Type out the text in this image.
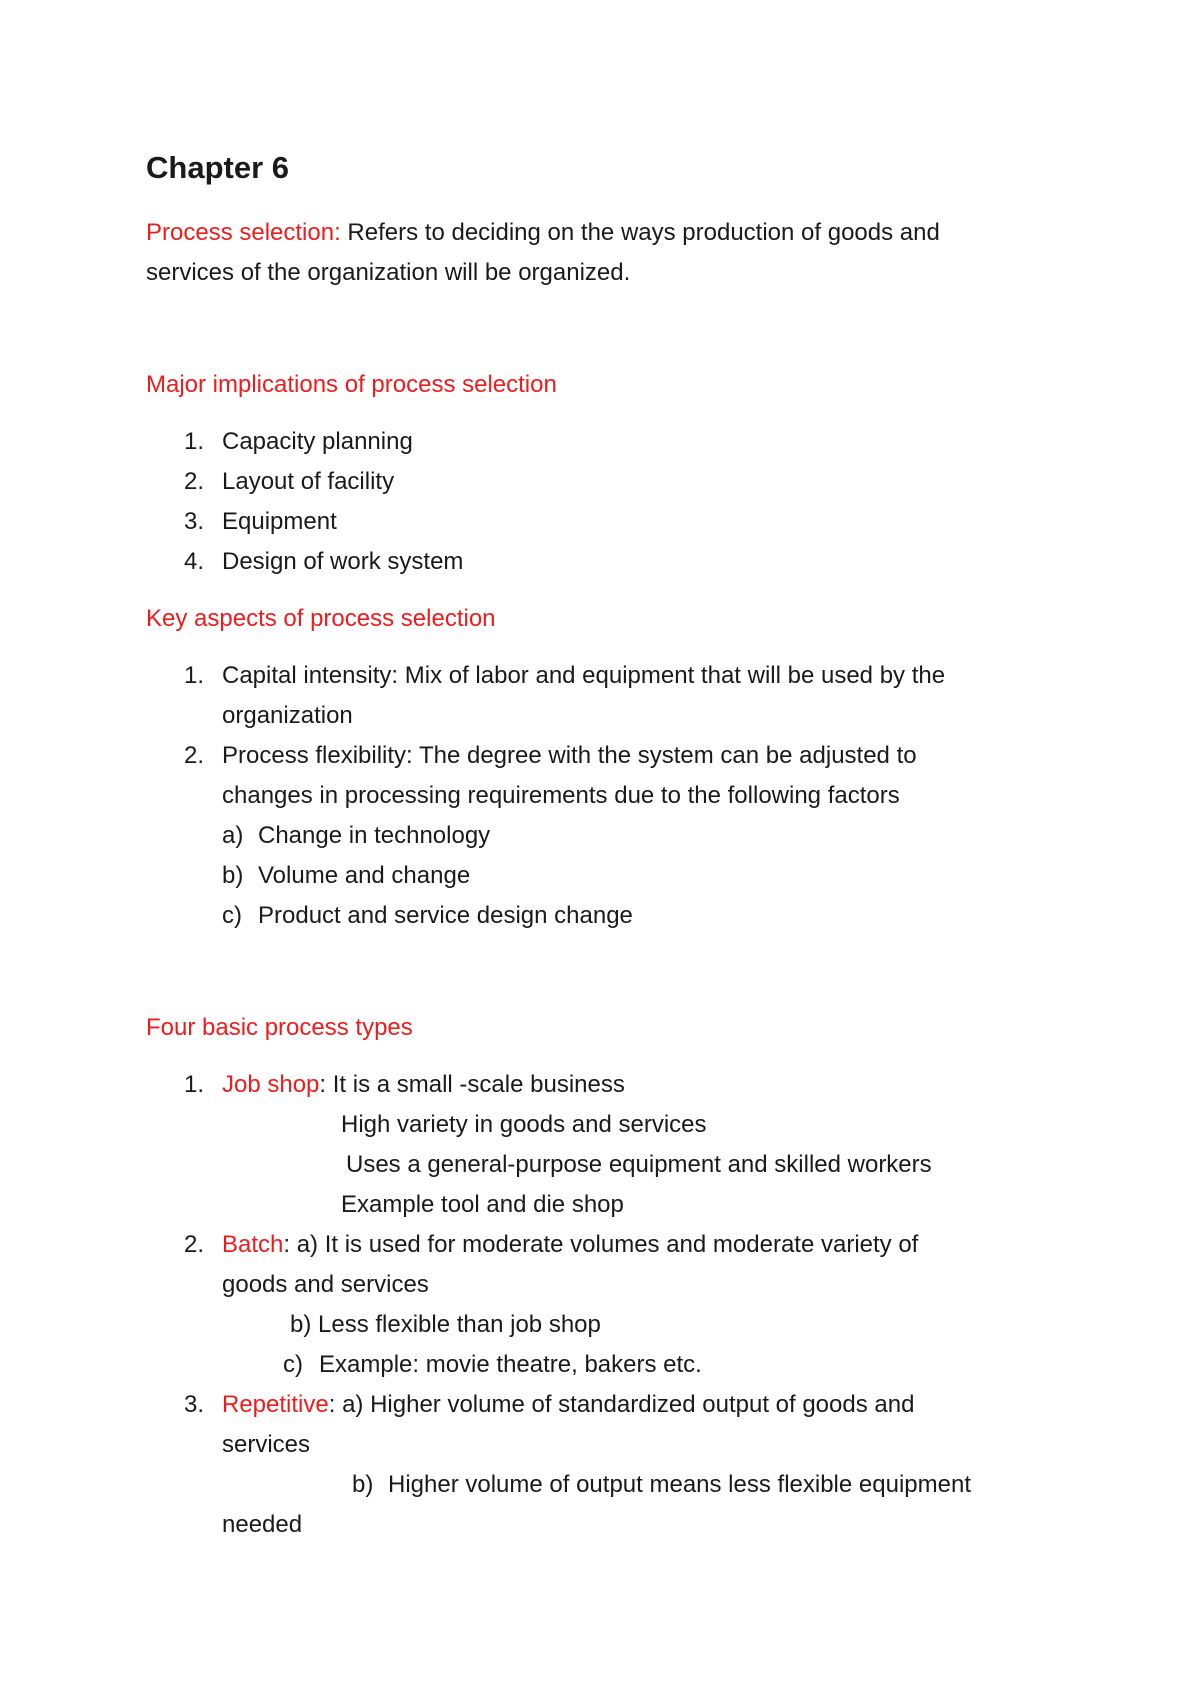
Chapter 6
Process selection: Refers to deciding on the ways production of goods and
services of the organization will be organized.
Major implications of process selection
1. Capacity planning
2. Layout of facility
3. Equipment
4. Design of work system
Key aspects of process selection
1. Capital intensity: Mix of labor and equipment that will be used by the
organization
2. Process flexibility: The degree with the system can be adjusted to
changes in processing requirements due to the following factors
a) Change in technology
b) Volume and change
c) Product and service design change
Four basic process types
1. Job shop: It is a small -scale business
High variety in goods and services
Uses a general-purpose equipment and skilled workers
Example tool and die shop
2. Batch: a) It is used for moderate volumes and moderate variety of
goods and services
b) Less flexible than job shop
c) Example: movie theatre, bakers etc.
3. Repetitive: a) Higher volume of standardized output of goods and
services
b) Higher volume of output means less flexible equipment
needed
